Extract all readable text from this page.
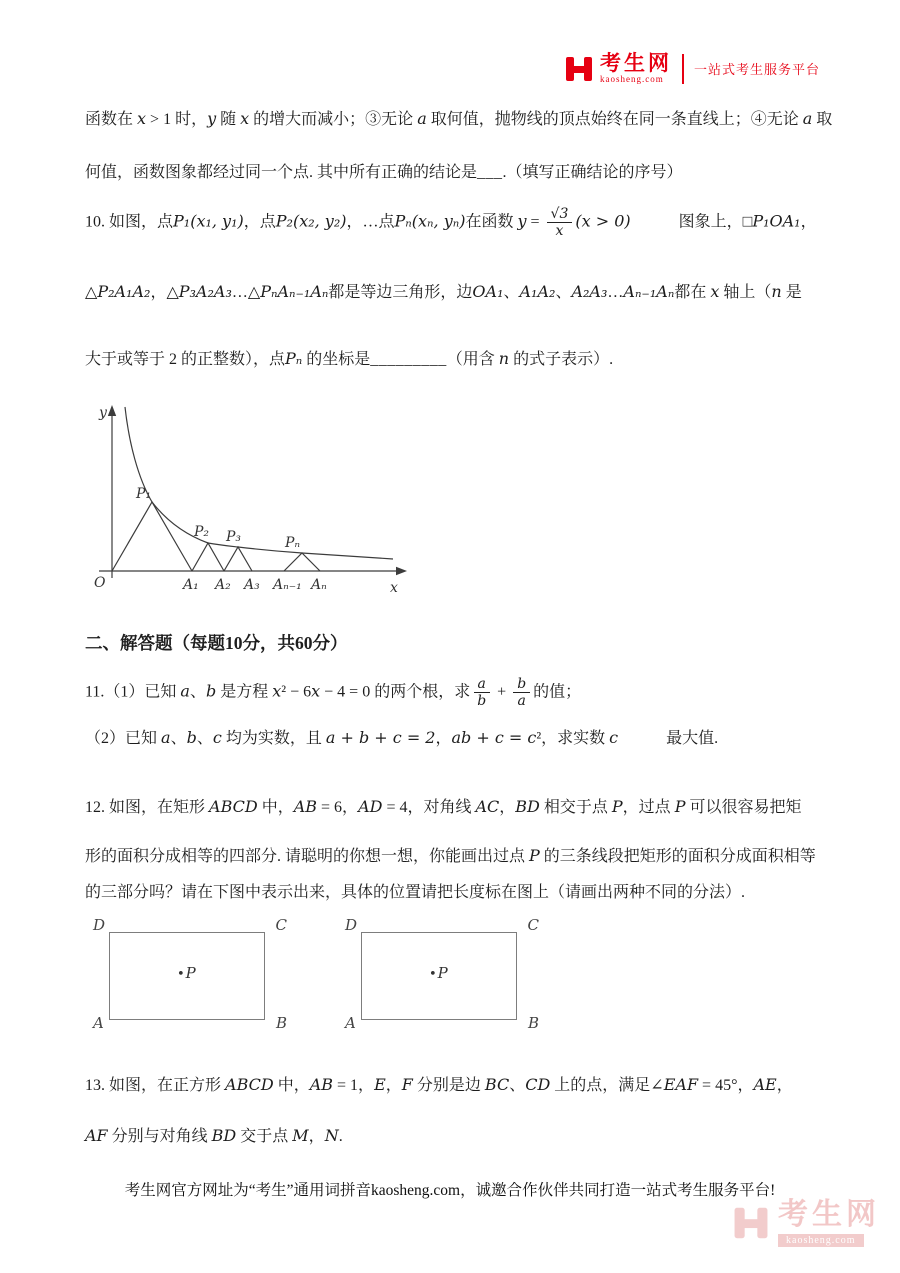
考生网
kaosheng.com
一站式考生服务平台

函数在 x > 1 时，y 随 x 的增大而减小；③无论 a 取何值，抛物线的顶点始终在同一条直线上；④无论 a 取

何值，函数图象都经过同一个点. 其中所有正确的结论是___.（填写正确结论的序号）

10. 如图，点P₁(x₁, y₁)，点P₂(x₂, y₂)，…点Pₙ(xₙ, yₙ)在函数 $y = \frac{√3}{x} (x > 0)$　　　图象上，□P₁OA₁，

△P₂A₁A₂，△P₃A₂A₃…△PₙAₙ₋₁Aₙ都是等边三角形，边OA₁、A₁A₂、A₂A₃…Aₙ₋₁Aₙ都在 x 轴上（n 是

大于或等于 2 的正整数），点Pₙ 的坐标是_________（用含 n 的式子表示）.

y
x
O
P₁
P₂ P₃	Pₙ
A₁ A₂ A₃ Aₙ₋₁ Aₙ

二、解答题（每题10分，共60分）

11.（1）已知 a、b 是方程 x² − 6x − 4 = 0 的两个根，求 $\frac{a}{b} + \frac{b}{a}$ 的值；

（2）已知 a、b、c 均为实数，且 a + b + c = 2，ab + c = c²，求实数 c　　　最大值.

12. 如图，在矩形 ABCD 中，AB = 6，AD = 4，对角线 AC，BD 相交于点 P，过点 P 可以很容易把矩

形的面积分成相等的四部分. 请聪明的你想一想，你能画出过点 P 的三条线段把矩形的面积分成面积相等

的三部分吗？请在下图中表示出来，具体的位置请把长度标在图上（请画出两种不同的分法）.

D	C
A	B
•P
D	C
A	B
•P

13. 如图，在正方形 ABCD 中，AB = 1，E，F 分别是边 BC、CD 上的点，满足∠EAF = 45°，AE，

AF 分别与对角线 BD 交于点 M，N.

考生网官方网址为“考生”通用词拼音kaosheng.com，诚邀合作伙伴共同打造一站式考生服务平台!
考生网
kaosheng.com
